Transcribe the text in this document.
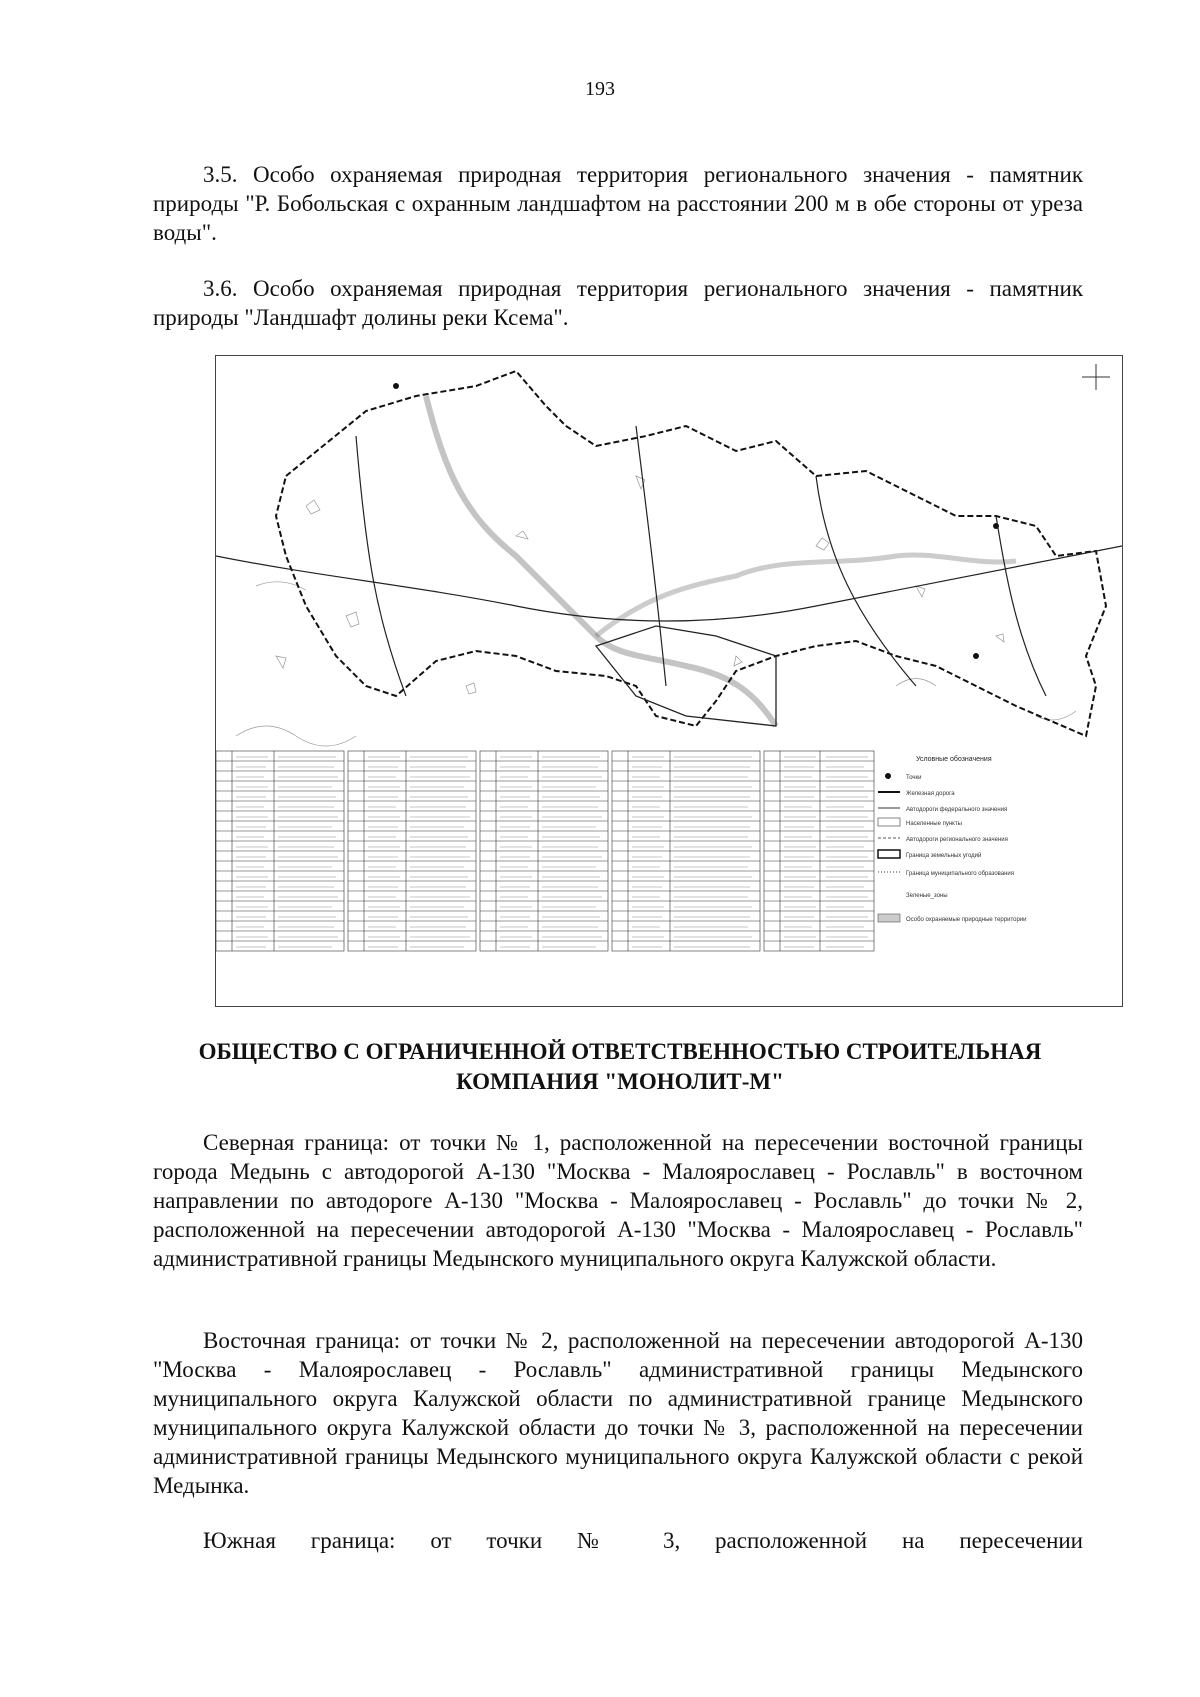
193
3.5. Особо охраняемая природная территория регионального значения - памятник природы "Р. Бобольская с охранным ландшафтом на расстоянии 200 м в обе стороны от уреза воды".
3.6. Особо охраняемая природная территория регионального значения - памятник природы "Ландшафт долины реки Ксема".
Условные обозначения
Точки
Железная дорога
Автодороги федерального значения
Населенные пункты
Автодороги регионального значения
Граница земельных угодий
Граница муниципального образования
Зеленые_зоны
Особо охраняемые природные территории
ОБЩЕСТВО С ОГРАНИЧЕННОЙ ОТВЕТСТВЕННОСТЬЮ СТРОИТЕЛЬНАЯ КОМПАНИЯ "МОНОЛИТ-М"
Северная граница: от точки № 1, расположенной на пересечении восточной границы города Медынь с автодорогой А-130 "Москва - Малоярославец - Рославль" в восточном направлении по автодороге А-130 "Москва - Малоярославец - Рославль" до точки № 2, расположенной на пересечении автодорогой А-130 "Москва - Малоярославец - Рославль" административной границы Медынского муниципального округа Калужской области.
Восточная граница: от точки № 2, расположенной на пересечении автодорогой А-130 "Москва - Малоярославец - Рославль" административной границы Медынского муниципального округа Калужской области по административной границе Медынского муниципального округа Калужской области до точки № 3, расположенной на пересечении административной границы Медынского муниципального округа Калужской области с рекой Медынка.
Южная граница: от точки № 3, расположенной на пересечении
